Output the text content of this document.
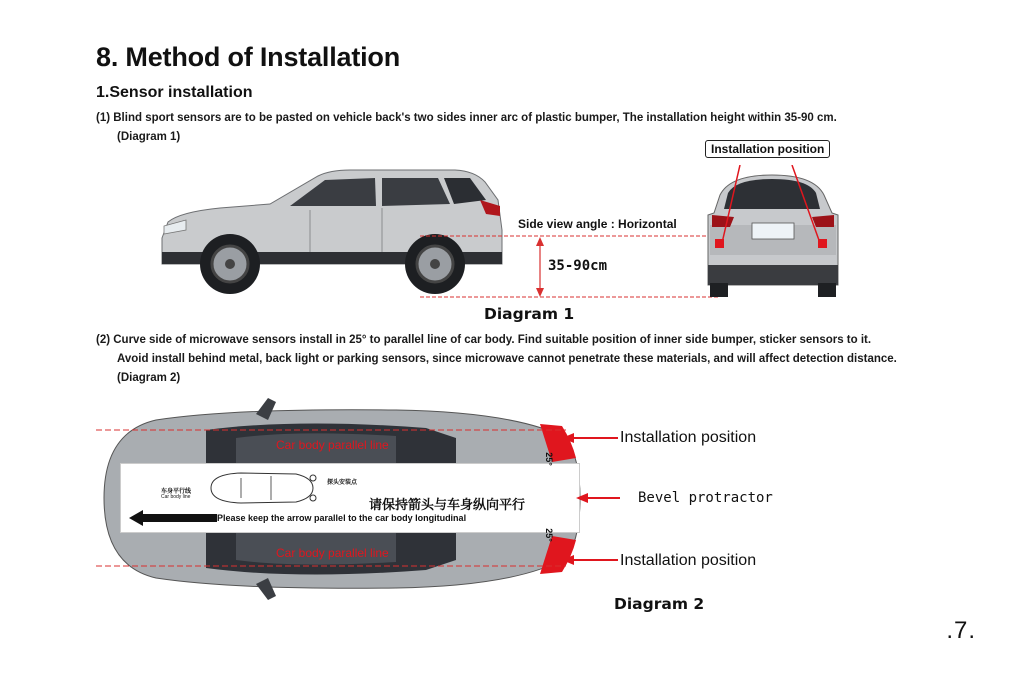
8. Method of Installation
1.Sensor installation
(1) Blind sport sensors are to be pasted on vehicle back's two sides inner arc of plastic bumper, The installation height within 35-90 cm.
(Diagram 1)
Side view angle : Horizontal
35-90cm
Installation position
Diagram 1
(2) Curve side of microwave sensors install in 25° to parallel line of car body. Find suitable position of inner side bumper, sticker sensors to it.
Avoid install behind metal, back light or parking sensors, since microwave cannot penetrate these materials, and will affect detection distance.
(Diagram 2)
车身平行线
Car body line
探头安装点
请保持箭头与车身纵向平行
Please keep the arrow parallel to the car body longitudinal
Car body parallel line
Car body parallel line
25°
25°
Installation position
Bevel protractor
Installation position
Diagram 2
.7.
